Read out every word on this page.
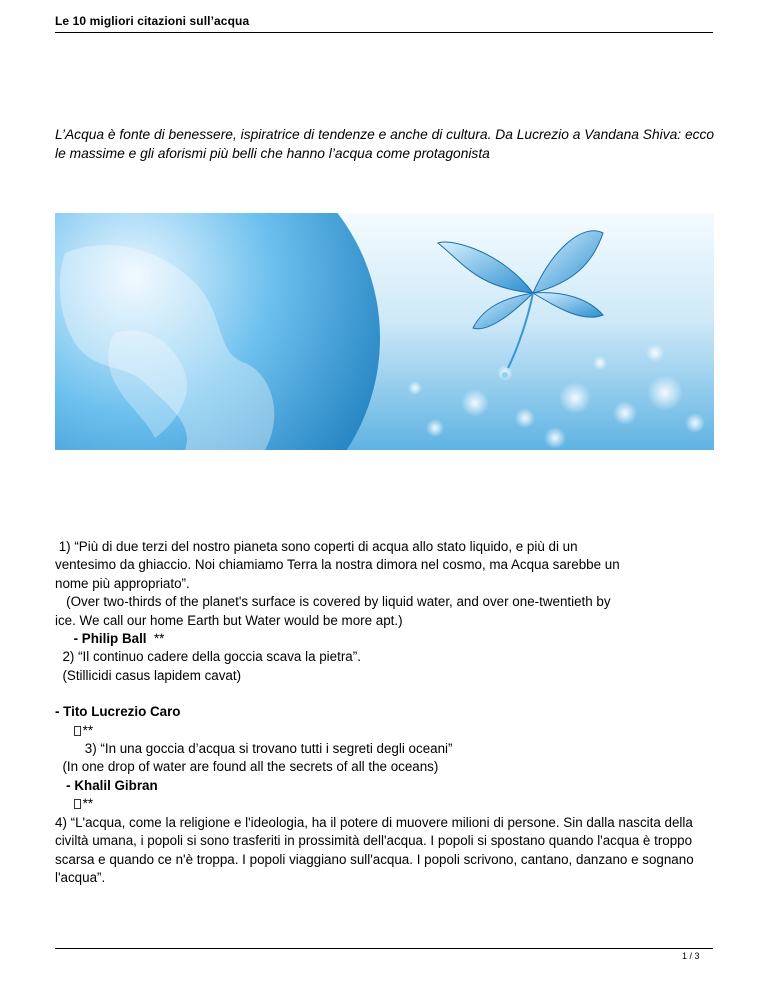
Le 10 migliori citazioni sull’acqua
L’Acqua è fonte di benessere, ispiratrice di tendenze e anche di cultura. Da Lucrezio a Vandana Shiva: ecco le massime e gli aforismi più belli che hanno l’acqua come protagonista
1) “Più di due terzi del nostro pianeta sono coperti di acqua allo stato liquido, e più di un
ventesimo da ghiaccio. Noi chiamiamo Terra la nostra dimora nel cosmo, ma Acqua sarebbe un
nome più appropriato”.
(Over two-thirds of the planet's surface is covered by liquid water, and over one-twentieth by
ice. We call our home Earth but Water would be more apt.)
- Philip Ball  **
2) “Il continuo cadere della goccia scava la pietra”.
(Stillicidi casus lapidem cavat)
- Tito Lucrezio Caro
**
3) “In una goccia d’acqua si trovano tutti i segreti degli oceani”
(In one drop of water are found all the secrets of all the oceans)
- Khalil Gibran
**
4) “L'acqua, come la religione e l'ideologia, ha il potere di muovere milioni di persone. Sin dalla nascita della civiltà umana, i popoli si sono trasferiti in prossimità dell'acqua. I popoli si spostano quando l'acqua è troppo scarsa e quando ce n'è troppa. I popoli viaggiano sull'acqua. I popoli scrivono, cantano, danzano e sognano l'acqua”.
1 / 3
